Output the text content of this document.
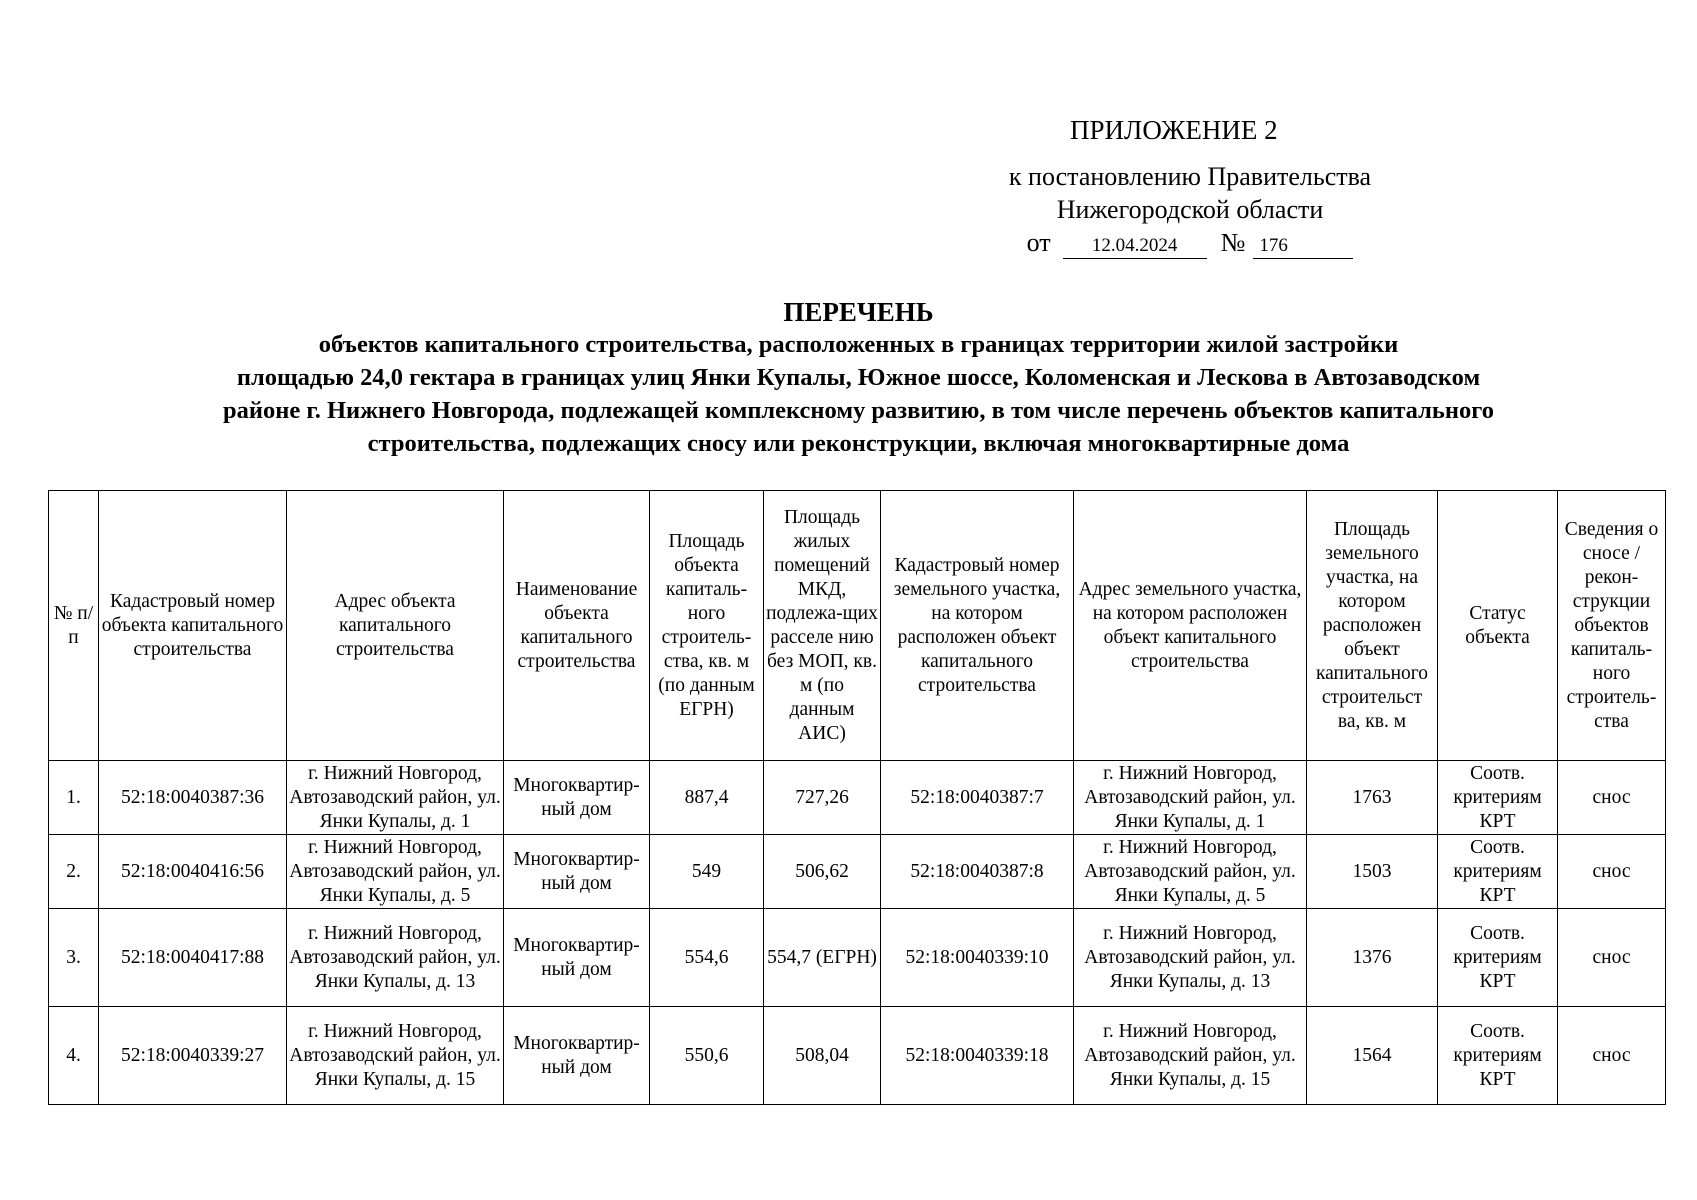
ПРИЛОЖЕНИЕ 2
к постановлению Правительства
Нижегородской области
от	12.04.2024	№ 176
ПЕРЕЧЕНЬ
объектов капитального строительства, расположенных в границах территории жилой застройки
площадью 24,0 гектара в границах улиц Янки Купалы, Южное шоссе, Коломенская и Лескова в Автозаводском
районе г. Нижнего Новгорода, подлежащей комплексному развитию, в том числе перечень объектов капитального
строительства, подлежащих сносу или реконструкции, включая многоквартирные дома
№ п/п	Кадастровый номер объекта капитального строительства	Адрес объекта капитального строительства	Наименование объекта капитального строительства	Площадь объекта капиталь-ного строитель-ства, кв. м (по данным ЕГРН)	Площадь жилых помещений МКД, подлежа-щих расселе нию без МОП, кв. м (по данным АИС)	Кадастровый номер земельного участка, на котором расположен объект капитального строительства	Адрес земельного участка, на котором расположен объект капитального строительства	Площадь земельного участка, на котором расположен объект капитального строительст ва, кв. м	Статус объекта	Сведения о сносе / рекон-струкции объектов капиталь-ного строитель-ства
1.	52:18:0040387:36	г. Нижний Новгород, Автозаводский район, ул. Янки Купалы, д. 1	Многоквартир-ный дом	887,4	727,26	52:18:0040387:7	г. Нижний Новгород, Автозаводский район, ул. Янки Купалы, д. 1	1763	Соотв. критериям КРТ	снос
2.	52:18:0040416:56	г. Нижний Новгород, Автозаводский район, ул. Янки Купалы, д. 5	Многоквартир-ный дом	549	506,62	52:18:0040387:8	г. Нижний Новгород, Автозаводский район, ул. Янки Купалы, д. 5	1503	Соотв. критериям КРТ	снос
3.	52:18:0040417:88	г. Нижний Новгород, Автозаводский район, ул. Янки Купалы, д. 13	Многоквартир-ный дом	554,6	554,7 (ЕГРН)	52:18:0040339:10	г. Нижний Новгород, Автозаводский район, ул. Янки Купалы, д. 13	1376	Соотв. критериям КРТ	снос
4.	52:18:0040339:27	г. Нижний Новгород, Автозаводский район, ул. Янки Купалы, д. 15	Многоквартир-ный дом	550,6	508,04	52:18:0040339:18	г. Нижний Новгород, Автозаводский район, ул. Янки Купалы, д. 15	1564	Соотв. критериям КРТ	снос
